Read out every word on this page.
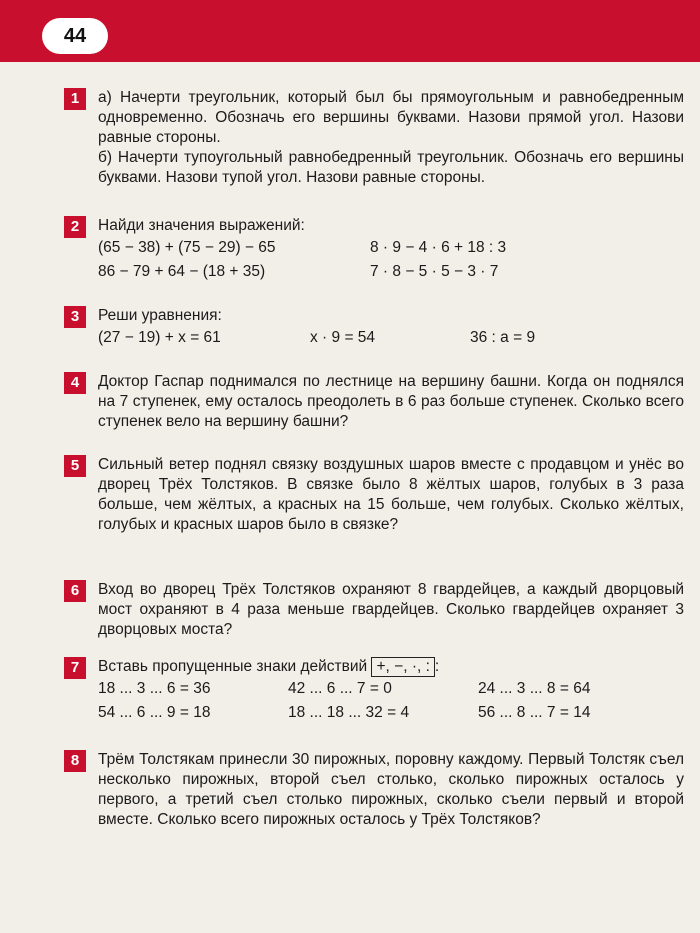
44
1	а) Начерти треугольник, который был бы прямоугольным и равнобедренным одновременно. Обозначь его вершины буквами. Назови прямой угол. Назови равные стороны.

б) Начерти тупоугольный равнобедренный треугольник. Обозначь его вершины буквами. Назови тупой угол. Назови равные стороны.

2	Найди значения выражений:

(65 − 38) + (75 − 29) − 65	8 · 9 − 4 · 6 + 18 : 3
86 − 79 + 64 − (18 + 35)	7 · 8 − 5 · 5 − 3 · 7
3	Реши уравнения:

(27 − 19) + x = 61	x · 9 = 54	36 : a = 9
4	Доктор Гаспар поднимался по лестнице на вершину башни. Когда он поднялся на 7 ступенек, ему осталось преодолеть в 6 раз больше ступенек. Сколько всего ступенек вело на вершину башни?

5	Сильный ветер поднял связку воздушных шаров вместе с продавцом и унёс во дворец Трёх Толстяков. В связке было 8 жёлтых шаров, голубых в 3 раза больше, чем жёлтых, а красных на 15 больше, чем голубых. Сколько жёлтых, голубых и красных шаров было в связке?

6	Вход во дворец Трёх Толстяков охраняют 8 гвардейцев, а каждый дворцовый мост охраняют в 4 раза меньше гвардейцев. Сколько гвардейцев охраняет 3 дворцовых моста?

7	Вставь пропущенные знаки действий +, −, ·, : :

18 ... 3 ... 6 = 36	42 ... 6 ... 7 = 0	24 ... 3 ... 8 = 64
54 ... 6 ... 9 = 18	18 ... 18 ... 32 = 4	56 ... 8 ... 7 = 14
8	Трём Толстякам принесли 30 пирожных, поровну каждому. Первый Толстяк съел несколько пирожных, второй съел столько, сколько пирожных осталось у первого, а третий съел столько пирожных, сколько съели первый и второй вместе. Сколько всего пирожных осталось у Трёх Толстяков?
